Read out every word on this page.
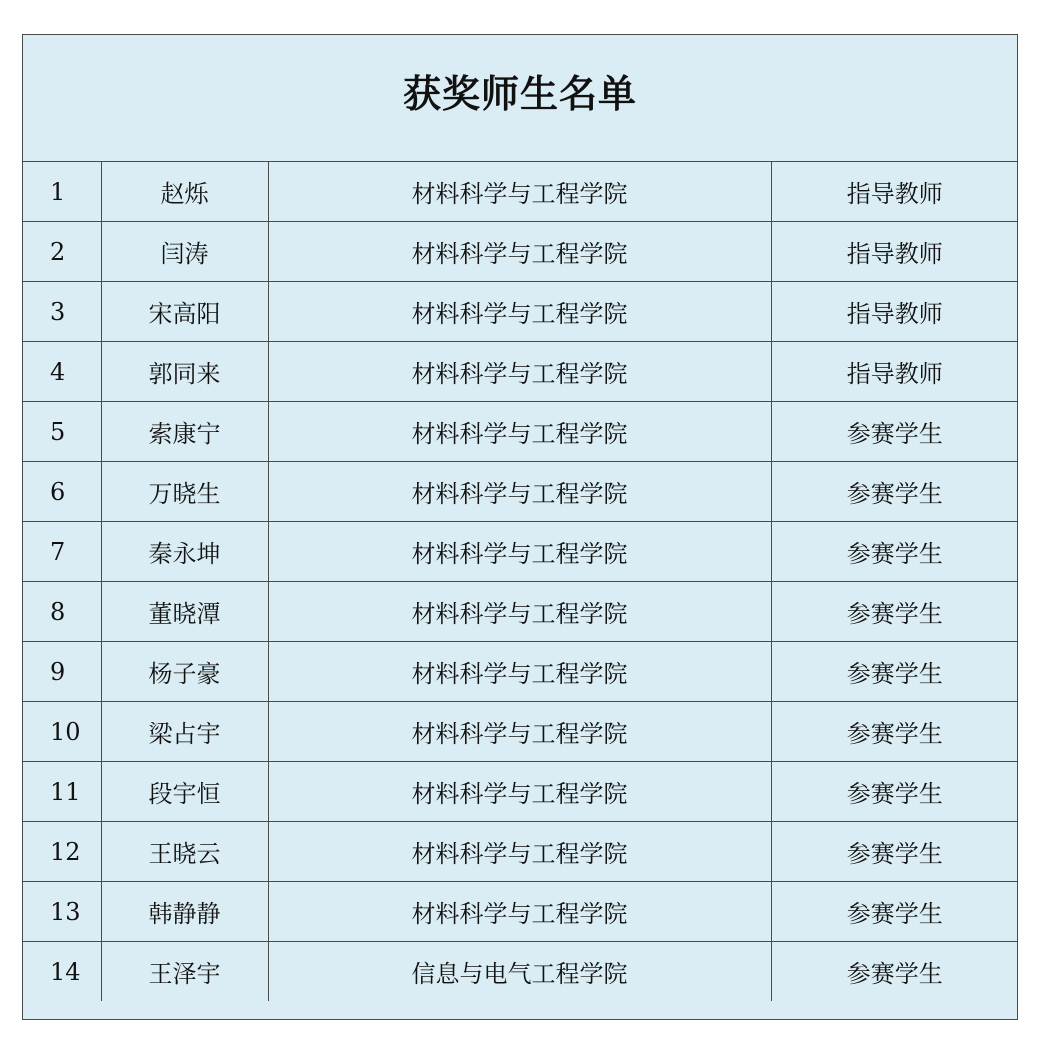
获奖师生名单
1	赵烁	材料科学与工程学院	指导教师
2	闫涛	材料科学与工程学院	指导教师
3	宋高阳	材料科学与工程学院	指导教师
4	郭同来	材料科学与工程学院	指导教师
5	索康宁	材料科学与工程学院	参赛学生
6	万晓生	材料科学与工程学院	参赛学生
7	秦永坤	材料科学与工程学院	参赛学生
8	董晓潭	材料科学与工程学院	参赛学生
9	杨子豪	材料科学与工程学院	参赛学生
10	梁占宇	材料科学与工程学院	参赛学生
11	段宇恒	材料科学与工程学院	参赛学生
12	王晓云	材料科学与工程学院	参赛学生
13	韩静静	材料科学与工程学院	参赛学生
14	王泽宇	信息与电气工程学院	参赛学生
